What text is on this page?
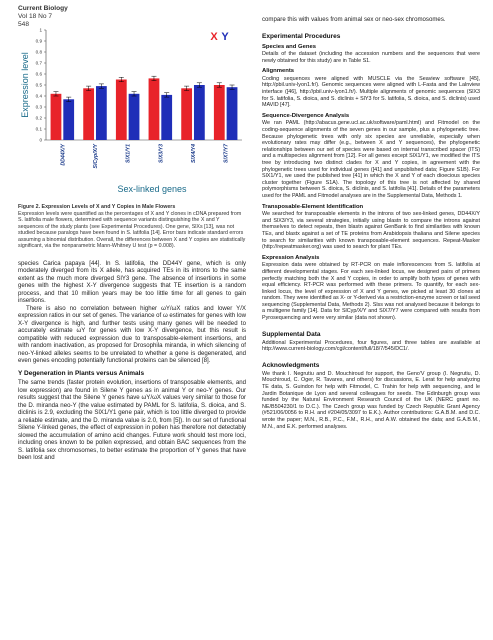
Current Biology
Vol 18 No 7
548
Expression level
0
0.1
0.2
0.3
0.4
0.5
0.6
0.7
0.8
0.9
1
DD44X/Y	SlCyp/X/Y	SlX1/Y1	SlX3/Y3	SlX4/Y4	SlX7/Y7
Sex-linked genes
X Y
Figure 2. Expression Levels of X and Y Copies in Male Flowers
Expression levels were quantified as the percentages of X and Y clones in cDNA prepared from S. latifolia male flowers, determined with sequence variants distinguishing the X and Y sequences of the study plants (see Experimental Procedures). One gene, SlXs [13], was not studied because paralogs have been found in S. latifolia [14]. Error bars indicate standard errors assuming a binomial distribution. Overall, the differences between X and Y copies are statistically significant, via the nonparametric Mann-Whitney U test (p = 0.008).

species Carica papaya [44]. In S. latifolia, the DD44Y gene, which is only moderately diverged from its X allele, has acquired TEs in its introns to the same extent as the much more diverged SlY3 gene. The absence of insertions in some genes with the highest X-Y divergence suggests that TE insertion is a random process, and that 10 million years may be too little time for all genes to gain insertions.

There is also no correlation between higher ωY/ωX ratios and lower Y/X expression ratios in our set of genes. The variance of ω estimates for genes with low X-Y divergence is high, and further tests using many genes will be needed to accurately estimate ωY for genes with low X-Y divergence, but this result is compatible with reduced expression due to transposable-element insertions, and with random inactivation, as proposed for Drosophila miranda, in which silencing of neo-Y-linked alleles seems to be unrelated to whether a gene is degenerated, and even genes encoding potentially functional proteins can be silenced [8].

Y Degeneration in Plants versus Animals

The same trends (faster protein evolution, insertions of transposable elements, and low expression) are found in Silene Y genes as in animal Y or neo-Y genes. Our results suggest that the Silene Y genes have ωY/ωX values very similar to those for the D. miranda neo-Y (the value estimated by PAML for S. latifolia, S. dioica, and S. diclinis is 2.9, excluding the SlX1/Y1 gene pair, which is too little diverged to provide a reliable estimate, and the D. miranda value is 2.0, from [5]). In our set of functional Silene Y-linked genes, the effect of expression in pollen has therefore not detectably slowed the accumulation of amino acid changes. Future work should test more loci, including ones known to be pollen expressed, and obtain BAC sequences from the S. latifolia sex chromosomes, to better estimate the proportion of Y genes that have been lost and

compare this with values from animal sex or neo-sex chromosomes.
Experimental Procedures
Species and Genes

Details of the dataset (including the accession numbers and the sequences that were newly obtained for this study) are in Table S1.

Alignments

Coding sequences were aligned with MUSCLE via the Seaview software [45], http://pbil.univ-lyon1.fr/). Genomic sequences were aligned with L-Fasta and the Lalnview interface ([46], http://pbil.univ-lyon1.fr/). Multiple alignments of genomic sequences (SlX3 for S. latifolia, S. dioica, and S. diclinis + SlY3 for S. latifolia, S. dioica, and S. diclinis) used MAVID [47].

Sequence-Divergence Analysis

We ran PAML (http://abacus.gene.ucl.ac.uk/software/paml.html) and Fitmodel on the coding-sequence alignments of the seven genes in our sample, plus a phylogenetic tree. Because phylogenetic trees with only six species are unreliable, especially when evolutionary rates may differ (e.g., between X and Y sequences), the phylogenetic relationships between our set of species were based on internal transcribed spacer (ITS) and a multispecies alignment from [12]. For all genes except SlX1/Y1, we modified the ITS tree by introducing two distinct clades for X and Y copies, in agreement with the phylogenetic trees used for individual genes ([41] and unpublished data; Figure S1B). For SlX1/Y1, we used the published tree [41] in which the X and Y of each dioecious species cluster together (Figure S1A). The topology of this tree is not affected by shared polymorphisms between S. dioica, S. diclinis, and S. latifolia [41]. Details of the parameters used for the PAML and Fitmodel analyses are in the Supplemental Data, Methods 1.

Transposable-Element Identification

We searched for transposable elements in the introns of two sex-linked genes, DD44X/Y and SlX3/Y3, via several strategies, initially using blastn to compare the introns against themselves to detect repeats, then blastn against GenBank to find similarities with known TEs, and blastx against a set of TE proteins from Arabidopsis thaliana and Silene species to search for similarities with known transposable-element sequences. Repeat-Masker (http://repeatmasker.org) was used to search for plant TEs.

Expression Analysis

Expression data were obtained by RT-PCR on male inflorescences from S. latifolia at different developmental stages. For each sex-linked locus, we designed pairs of primers perfectly matching both the X and Y copies, in order to amplify both types of genes with equal efficiency. RT-PCR was performed with these primers. To quantify, for each sex-linked locus, the level of expression of X and Y genes, we picked at least 30 clones at random. They were identified as X- or Y-derived via a restriction-enzyme screen or tail seed sequencing (Supplemental Data, Methods 2). Slss was not analysed because it belongs to a multigene family [14]. Data for SlCyp/X/Y and SlX7/Y7 were compared with results from Pyrosequencing and were very similar (data not shown).

Supplemental Data
Additional Experimental Procedures, four figures, and three tables are available at http://www.current-biology.com/cgi/content/full/18/7/545/DC1/.
Acknowledgments
We thank I. Negrutiu and D. Mouchiroud for support, the Geno'V group (I. Negrutiu, D. Mouchiroud, C. Oger, R. Tavares, and others) for discussions, E. Lerat for help analyzing TE data, S. Guindon for help with Fitmodel, C. Trahin for help with sequencing, and le Jardin Botanique de Lyon and several colleagues for seeds. The Edinburgh group was funded by the Natural Environment Research Council of the UK (NERC grant no. NE/B504230/1 to D.C.). The Czech group was funded by Czech Republic Grant Agency (#521/06/0056 to R.H. and #204/05/3097 to E.K.). Author contributions: G.A.B.M. and D.C. wrote the paper; M.N., R.B., P.C., F.M., R.H., and A.W. obtained the data; and G.A.B.M., M.N., and E.K. performed analyses.
